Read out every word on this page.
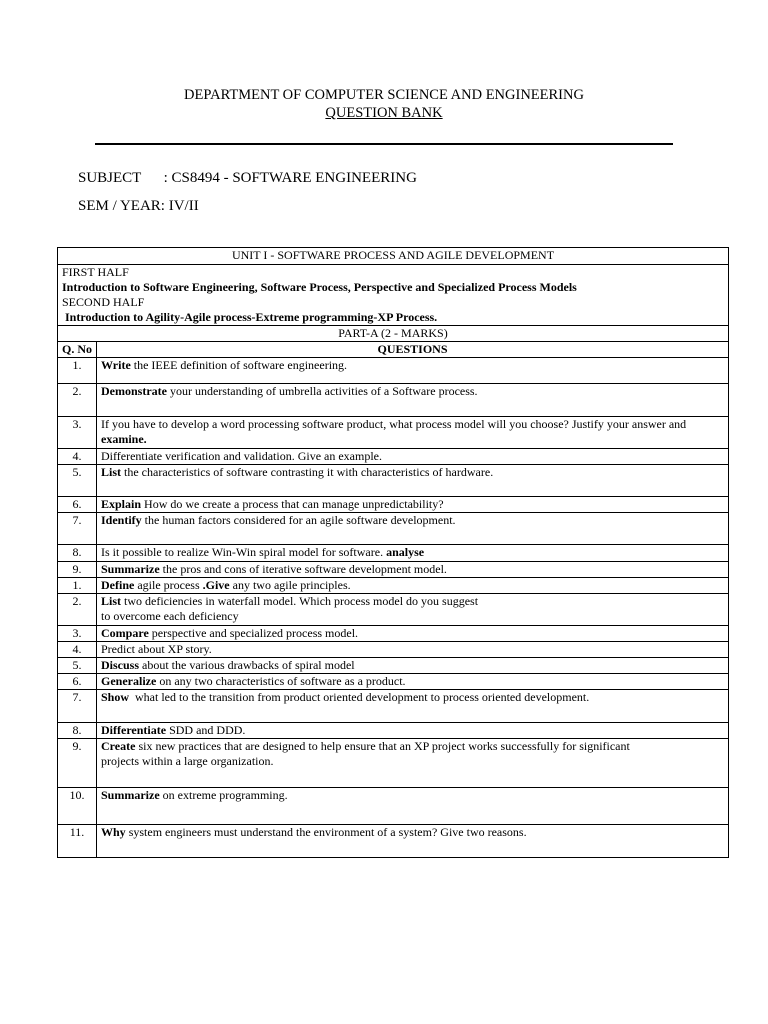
DEPARTMENT OF COMPUTER SCIENCE AND ENGINEERING
QUESTION BANK
SUBJECT      : CS8494 - SOFTWARE ENGINEERING
SEM / YEAR: IV/II
UNIT I - SOFTWARE PROCESS AND AGILE DEVELOPMENT	

FIRST HALF
Introduction to Software Engineering, Software Process, Perspective and Specialized Process Models
SECOND HALF
Introduction to Agility-Agile process-Extreme programming-XP Process.	

PART-A (2 - MARKS)	
Q. No	QUESTIONS
1.	Write the IEEE definition of software engineering.

2.	Demonstrate your understanding of umbrella activities of a Software process.

3.	If you have to develop a word processing software product, what process model will you choose? Justify your answer and examine.

4.	Differentiate verification and validation. Give an example.

5.	List the characteristics of software contrasting it with characteristics of hardware.

6.	Explain How do we create a process that can manage unpredictability?

7.	Identify the human factors considered for an agile software development.

8.	Is it possible to realize Win-Win spiral model for software. analyse

9.	Summarize the pros and cons of iterative software development model.

1.	Define agile process .Give any two agile principles.

2.	List two deficiencies in waterfall model. Which process model do you suggest to overcome each deficiency

3.	Compare perspective and specialized process model.

4.	Predict about XP story.

5.	Discuss about the various drawbacks of spiral model

6.	Generalize on any two characteristics of software as a product.

7.	Show  what led to the transition from product oriented development to process oriented development.

8.	Differentiate SDD and DDD.

9.	Create six new practices that are designed to help ensure that an XP project works successfully for significant projects within a large organization.

10.	Summarize on extreme programming.

11.	Why system engineers must understand the environment of a system? Give two reasons.
